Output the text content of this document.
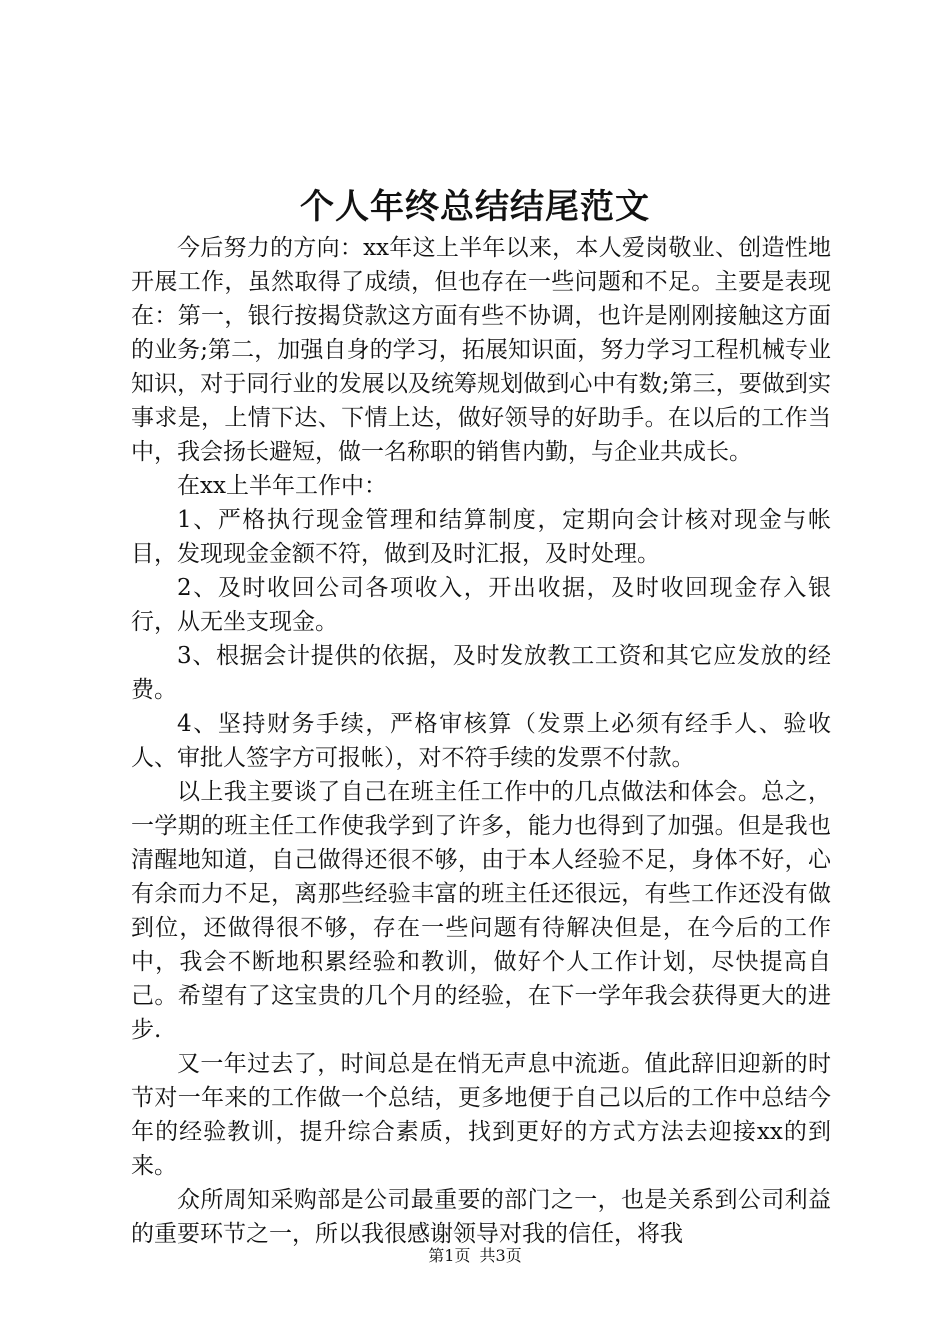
个人年终总结结尾范文

今后努力的方向：xx年这上半年以来，本人爱岗敬业、创造性地开展工作，虽然取得了成绩，但也存在一些问题和不足。主要是表现在：第一，银行按揭贷款这方面有些不协调，也许是刚刚接触这方面的业务;第二，加强自身的学习，拓展知识面，努力学习工程机械专业知识，对于同行业的发展以及统筹规划做到心中有数;第三，要做到实事求是，上情下达、下情上达，做好领导的好助手。在以后的工作当中，我会扬长避短，做一名称职的销售内勤，与企业共成长。

在xx上半年工作中：

1、严格执行现金管理和结算制度，定期向会计核对现金与帐目，发现现金金额不符，做到及时汇报，及时处理。

2、及时收回公司各项收入，开出收据，及时收回现金存入银行，从无坐支现金。

3、根据会计提供的依据，及时发放教工工资和其它应发放的经费。

4、坚持财务手续，严格审核算（发票上必须有经手人、验收人、审批人签字方可报帐），对不符手续的发票不付款。

以上我主要谈了自己在班主任工作中的几点做法和体会。总之，一学期的班主任工作使我学到了许多，能力也得到了加强。但是我也清醒地知道，自己做得还很不够，由于本人经验不足，身体不好，心有余而力不足，离那些经验丰富的班主任还很远，有些工作还没有做到位，还做得很不够，存在一些问题有待解决但是，在今后的工作中，我会不断地积累经验和教训，做好个人工作计划，尽快提高自己。希望有了这宝贵的几个月的经验，在下一学年我会获得更大的进步.

又一年过去了，时间总是在悄无声息中流逝。值此辞旧迎新的时节对一年来的工作做一个总结，更多地便于自己以后的工作中总结今年的经验教训，提升综合素质，找到更好的方式方法去迎接xx的到来。

众所周知采购部是公司最重要的部门之一，也是关系到公司利益的重要环节之一，所以我很感谢领导对我的信任，将我

第1页 共3页
